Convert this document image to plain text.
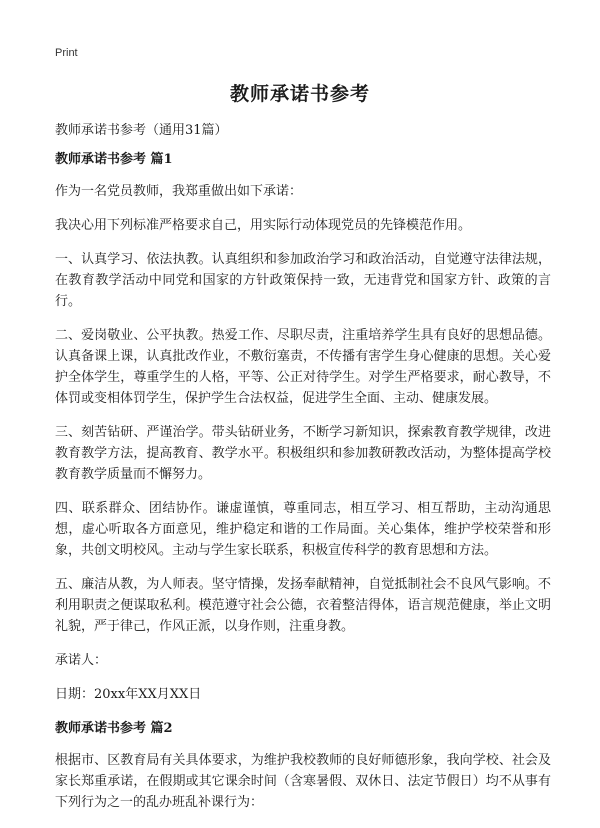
Print
教师承诺书参考
教师承诺书参考（通用31篇）
教师承诺书参考 篇1
作为一名党员教师，我郑重做出如下承诺：
我决心用下列标准严格要求自己，用实际行动体现党员的先锋模范作用。
一、认真学习、依法执教。认真组织和参加政治学习和政治活动，自觉遵守法律法规，在教育教学活动中同党和国家的方针政策保持一致，无违背党和国家方针、政策的言行。
二、爱岗敬业、公平执教。热爱工作、尽职尽责，注重培养学生具有良好的思想品德。认真备课上课，认真批改作业，不敷衍塞责，不传播有害学生身心健康的思想。关心爱护全体学生，尊重学生的人格，平等、公正对待学生。对学生严格要求，耐心教导，不体罚或变相体罚学生，保护学生合法权益，促进学生全面、主动、健康发展。
三、刻苦钻研、严谨治学。带头钻研业务，不断学习新知识，探索教育教学规律，改进教育教学方法，提高教育、教学水平。积极组织和参加教研教改活动，为整体提高学校教育教学质量而不懈努力。
四、联系群众、团结协作。谦虚谨慎，尊重同志，相互学习、相互帮助，主动沟通思想，虚心听取各方面意见，维护稳定和谐的工作局面。关心集体，维护学校荣誉和形象，共创文明校风。主动与学生家长联系，积极宣传科学的教育思想和方法。
五、廉洁从教，为人师表。坚守情操，发扬奉献精神，自觉抵制社会不良风气影响。不利用职责之便谋取私利。模范遵守社会公德，衣着整洁得体，语言规范健康，举止文明礼貌，严于律己，作风正派，以身作则，注重身教。
承诺人：
日期：20xx年XX月XX日
教师承诺书参考 篇2
根据市、区教育局有关具体要求，为维护我校教师的良好师德形象，我向学校、社会及家长郑重承诺，在假期或其它课余时间（含寒暑假、双休日、法定节假日）均不从事有下列行为之一的乱办班乱补课行为：
